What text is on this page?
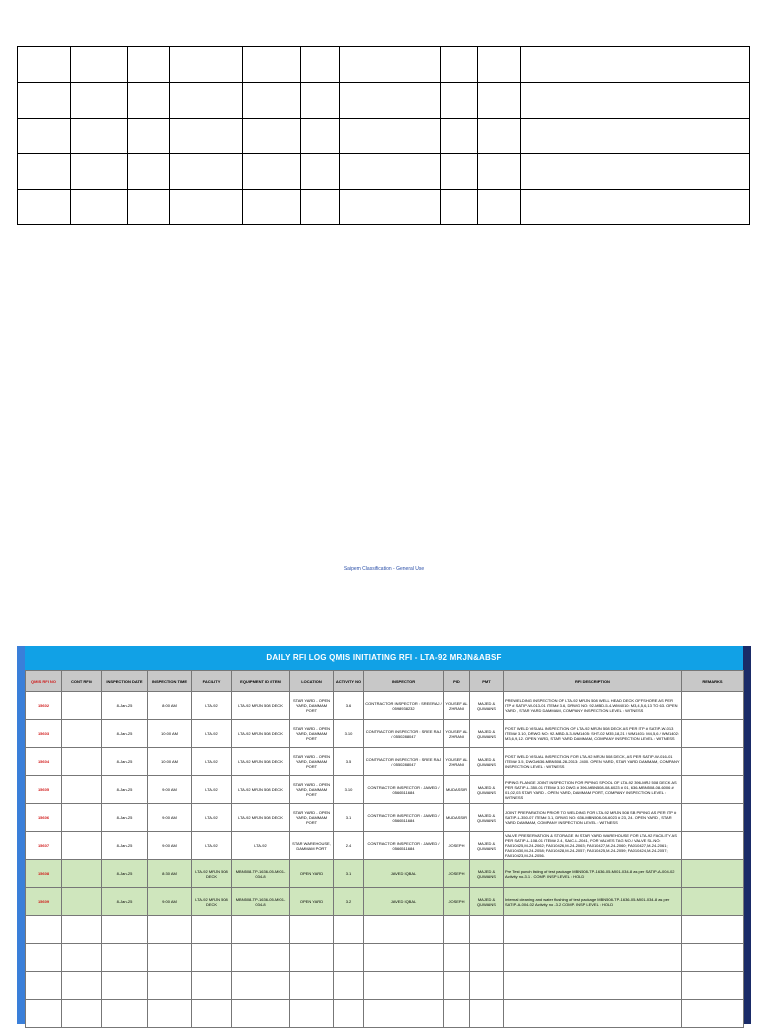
Saipem Classification - General Use
DAILY RFI LOG QMIS INITIATING RFI - LTA-92 MRJN&ABSF
QMIS RFI NO	CONT RFI#	INSPECTION DATE	INSPECTION TIME	FACILITY	EQUIPMENT ID /ITEM	LOCATION	ACTIVITY NO	INSPECTOR	PID	PMT	RFI DESCRIPTION	REMARKS
15602		8-Jan-25	8:00 AM	LTA-92	LTA-92 MRJN 508 DECK	STAR YARD - OPEN YARD, DAMMAM PORT	3.6	CONTRACTOR INSPECTOR : SREERAJ / 0598938232	YOUSEF AL ZHRANI	MAJED & QUWAINS	PREWELDING INSPECTION OF LTA-92 MRJN 508 WELL HEAD DECK OFFSHORE AS PER ITP # SATIP-W-013-01 ITEM# 3.6, DRWG NO: 92-MBD-5-4-WM4010: M3,4,5,6,13 TO 63. OPEN YARD , STAR YARD DAMMAM, COMPANY INSPECTION LEVEL : WITNESS	
15603		8-Jan-25	10:00 AM	LTA-92	LTA-92 MRJN 508 DECK	STAR YARD - OPEN YARD, DAMMAM PORT	3.10	CONTRACTOR INSPECTOR : SREE RAJ / 0550288047	YOUSEF AL ZHRANI	MAJED & QUWAINS	POST WELD VISUAL INSPECTION OF LTA-92 MRJN 508 DECK AS PER ITP # SATIP-W-013 ITEM# 3.10, DRWG NO: 92-MBD-5-3-WM1405: SHT-02 M35,18,21 / WM1401: M4,5,6 / WM1402: M3,6,9,12. OPEN YARD, STAR YARD DAMMAM, COMPANY INSPECTION LEVEL : WITNESS	
15604		8-Jan-25	10:00 AM	LTA-92	LTA-92 MRJN 508 DECK	STAR YARD - OPEN YARD, DAMMAM PORT	3.5	CONTRACTOR INSPECTOR : SREE RAJ / 0550288047	YOUSEF AL ZHRANI	MAJED & QUWAINS	POST WELD VISUAL INSPECTION FOR LTA-92 MRJN 508 DECK, AS PER SATIP-W-016-01 ITEM# 3.5, DWG#636-MBN508-28-2013: J400. OPEN YARD, STAR YARD DAMMAM, COMPANY INSPECTION LEVEL : WITNESS	
15605		8-Jan-25	9:00 AM	LTA-92	LTA-92 MRJN 508 DECK	STAR YARD - OPEN YARD, DAMMAM PORT	3.10	CONTRACTOR INSPECTOR : JAWED / 0566511684	MUDASSIR	MAJED & QUWAINS	PIPING FLANGE JOINT INSPECTION FOR PIPING SPOOL OF LTA-92 396-MRJ 508 DECK AS PER SATIP-L-350-01 ITEM# 3.10 DWG # 396-MBN508-08-6023 # 01, 636-MBN508-08-6006 # 01,02,03 STAR YARD - OPEN YARD, DAMMAM PORT, COMPANY INSPECTION LEVEL : WITNESS	
15606		8-Jan-25	9:00 AM	LTA-92	LTA-92 MRJN 508 DECK	STAR YARD - OPEN YARD, DAMMAM PORT	3.1	CONTRACTOR INSPECTOR : JAWED / 0566511684	MUDASSIR	MAJED & QUWAINS	JOINT PREPARATION PRIOR TO WELDING FOR LTA-92 MRJN 508 SB PIPING AS PER ITP # SATIP-L-350-07 ITEM# 3.1, DRWG NO: 636-MBN508-08-6023 # 23, 24. OPEN YARD , STAR YARD DAMMAM, COMPANY INSPECTION LEVEL : WITNESS	
15607		8-Jan-25	9:00 AM	LTA-92	LTA-92	STAR WAREHOUSE, DAMMAM PORT	2.4	CONTRACTOR INSPECTOR : JAWED / 0566511684	JOSEPH	MAJED & QUWAINS	VALVE PRESERVATION & STORAGE IN STAR YARD WAREHOUSE FOR LTA-92 FACILITY AS PER SATIP-L-108-01 ITEM# 2.4, SAIC-L-2041, FOR VALVES TAG NO./ VALVE SL.NO: FA010425,M-24-2062; FA010426,M-24-2063; FA010427,M-24-2060; FA010427,M-24-2061; FA010430,M-24-2058; FA010428,M-24-2057; FA010425,M-24-2059; FA010424,M-24-2057; FA010423,M-24-2056.	
15608		8-Jan-25	8:30 AM	LTA-92 MRJN 508 DECK	MBN508-TP-1636-05-MI01-034-8	OPEN YARD	3.1	JAVED IQBAL	JOSEPH	MAJED & QUWAINS	Pre Test punch listing of test package MBN508-TP-1636-05-MI01-034-8 as per SATIP-A-004-02 Activity no-3.1 . COMP. INSP LEVEL : HOLD	
15609		8-Jan-25	9:00 AM	LTA-92 MRJN 508 DECK	MBN508-TP-1636-05-MI01-034-8	OPEN YARD	3.2	JAVED IQBAL	JOSEPH	MAJED & QUWAINS	Internal cleaning and water flushing of test package MBN508-TP-1636-05-MI01-034-8 as per SATIP-A-004-02 Activity no -3.2 COMP. INSP LEVEL : HOLD	
